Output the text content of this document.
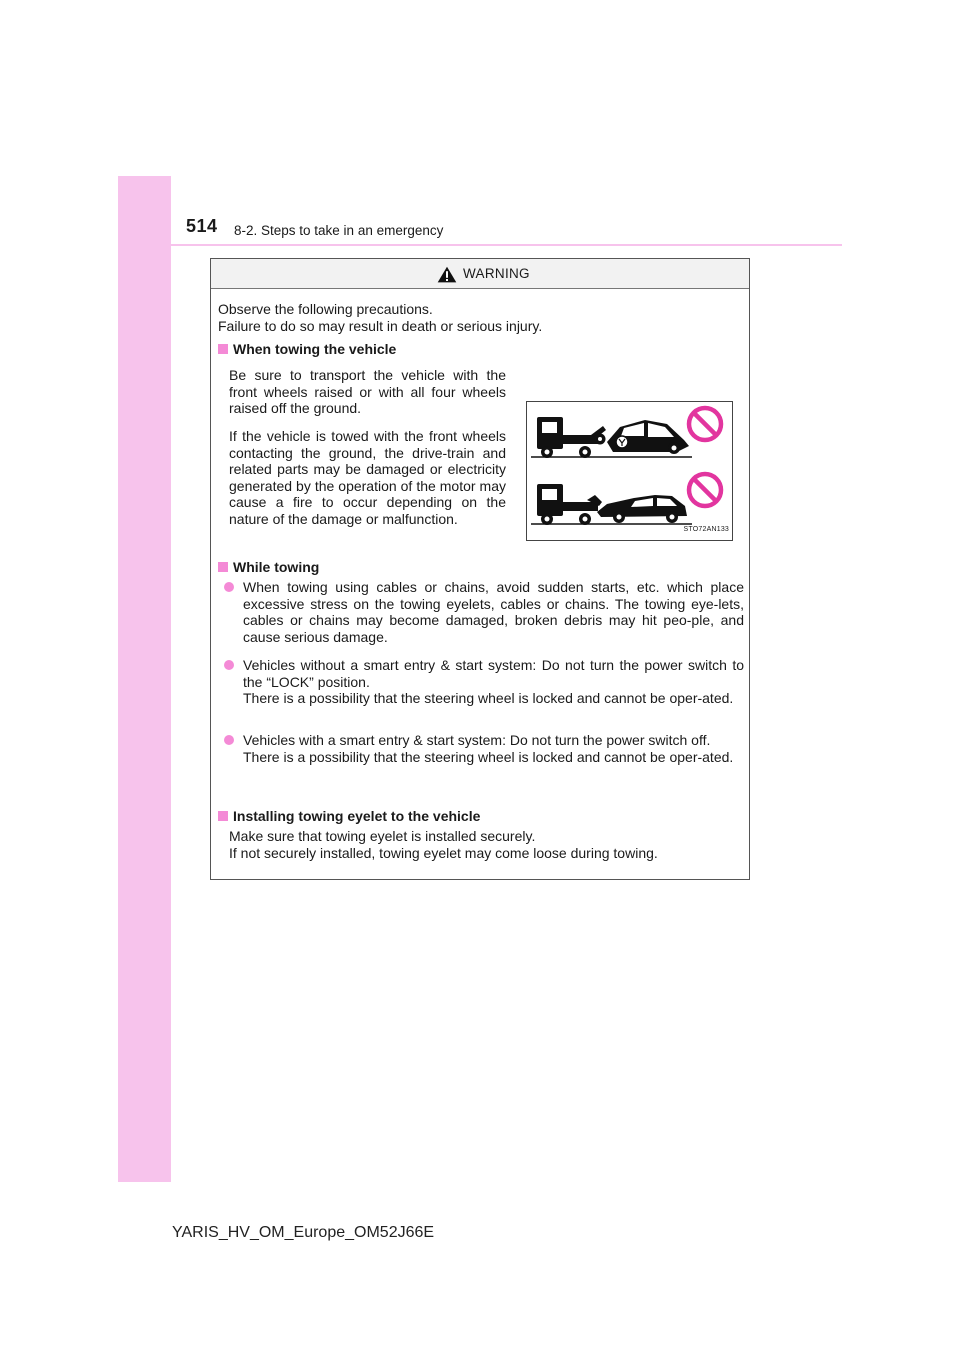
514 8-2. Steps to take in an emergency
WARNING
Observe the following precautions.
Failure to do so may result in death or serious injury.
When towing the vehicle
Be sure to transport the vehicle with the front wheels raised or with all four wheels raised off the ground.
If the vehicle is towed with the front wheels contacting the ground, the drive-train and related parts may be damaged or electricity generated by the operation of the motor may cause a fire to occur depending on the nature of the damage or malfunction.
STO72AN133
While towing
When towing using cables or chains, avoid sudden starts, etc. which place excessive stress on the towing eyelets, cables or chains. The towing eye-lets, cables or chains may become damaged, broken debris may hit peo-ple, and cause serious damage.
Vehicles without a smart entry & start system: Do not turn the power switch to the “LOCK” position.
There is a possibility that the steering wheel is locked and cannot be oper-ated.
Vehicles with a smart entry & start system: Do not turn the power switch off.
There is a possibility that the steering wheel is locked and cannot be oper-ated.
Installing towing eyelet to the vehicle
Make sure that towing eyelet is installed securely.
If not securely installed, towing eyelet may come loose during towing.
YARIS_HV_OM_Europe_OM52J66E
